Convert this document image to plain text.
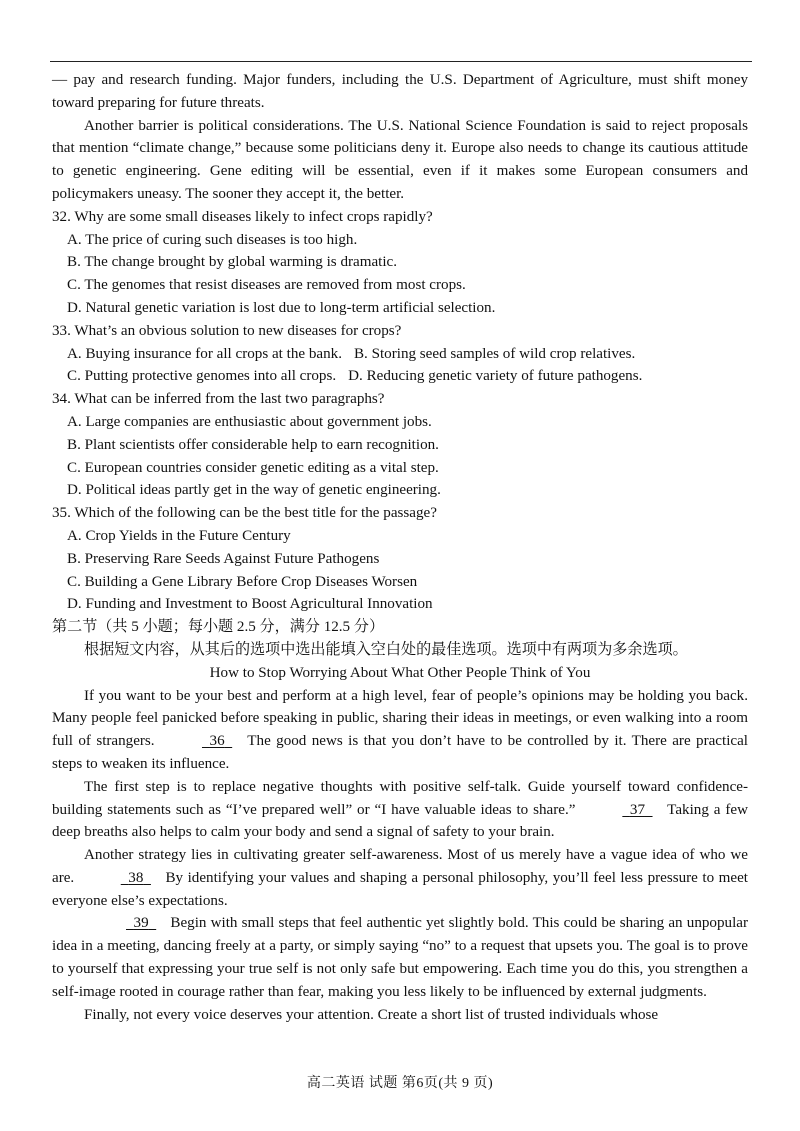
— pay and research funding. Major funders, including the U.S. Department of Agriculture, must shift money toward preparing for future threats.

Another barrier is political considerations. The U.S. National Science Foundation is said to reject proposals that mention “climate change,” because some politicians deny it. Europe also needs to change its cautious attitude to genetic engineering. Gene editing will be essential, even if it makes some European consumers and policymakers uneasy. The sooner they accept it, the better.

32. Why are some small diseases likely to infect crops rapidly?

A. The price of curing such diseases is too high.

B. The change brought by global warming is dramatic.

C. The genomes that resist diseases are removed from most crops.

D. Natural genetic variation is lost due to long-term artificial selection.

33. What’s an obvious solution to new diseases for crops?

A. Buying insurance for all crops at the bank. B. Storing seed samples of wild crop relatives.

C. Putting protective genomes into all crops. D. Reducing genetic variety of future pathogens.

34. What can be inferred from the last two paragraphs?

A. Large companies are enthusiastic about government jobs.

B. Plant scientists offer considerable help to earn recognition.

C. European countries consider genetic editing as a vital step.

D. Political ideas partly get in the way of genetic engineering.

35. Which of the following can be the best title for the passage?

A. Crop Yields in the Future Century

B. Preserving Rare Seeds Against Future Pathogens

C. Building a Gene Library Before Crop Diseases Worsen

D. Funding and Investment to Boost Agricultural Innovation

第二节（共 5 小题；每小题 2.5 分，满分 12.5 分）

根据短文内容，从其后的选项中选出能填入空白处的最佳选项。选项中有两项为多余选项。

How to Stop Worrying About What Other People Think of You

If you want to be your best and perform at a high level, fear of people’s opinions may be holding you back. Many people feel panicked before speaking in public, sharing their ideas in meetings, or even walking into a room full of strangers.	36 The good news is that you don’t have to be controlled by it. There are practical steps to weaken its influence.

The first step is to replace negative thoughts with positive self-talk. Guide yourself toward confidence-building statements such as “I’ve prepared well” or “I have valuable ideas to share.”	37 Taking a few deep breaths also helps to calm your body and send a signal of safety to your brain.

Another strategy lies in cultivating greater self-awareness. Most of us merely have a vague idea of who we are.	38 By identifying your values and shaping a personal philosophy, you’ll feel less pressure to meet everyone else’s expectations.

39 Begin with small steps that feel authentic yet slightly bold. This could be sharing an unpopular idea in a meeting, dancing freely at a party, or simply saying “no” to a request that upsets you. The goal is to prove to yourself that expressing your true self is not only safe but empowering. Each time you do this, you strengthen a self-image rooted in courage rather than fear, making you less likely to be influenced by external judgments.

Finally, not every voice deserves your attention. Create a short list of trusted individuals whose

高二英语 试题 第6页(共 9 页)
